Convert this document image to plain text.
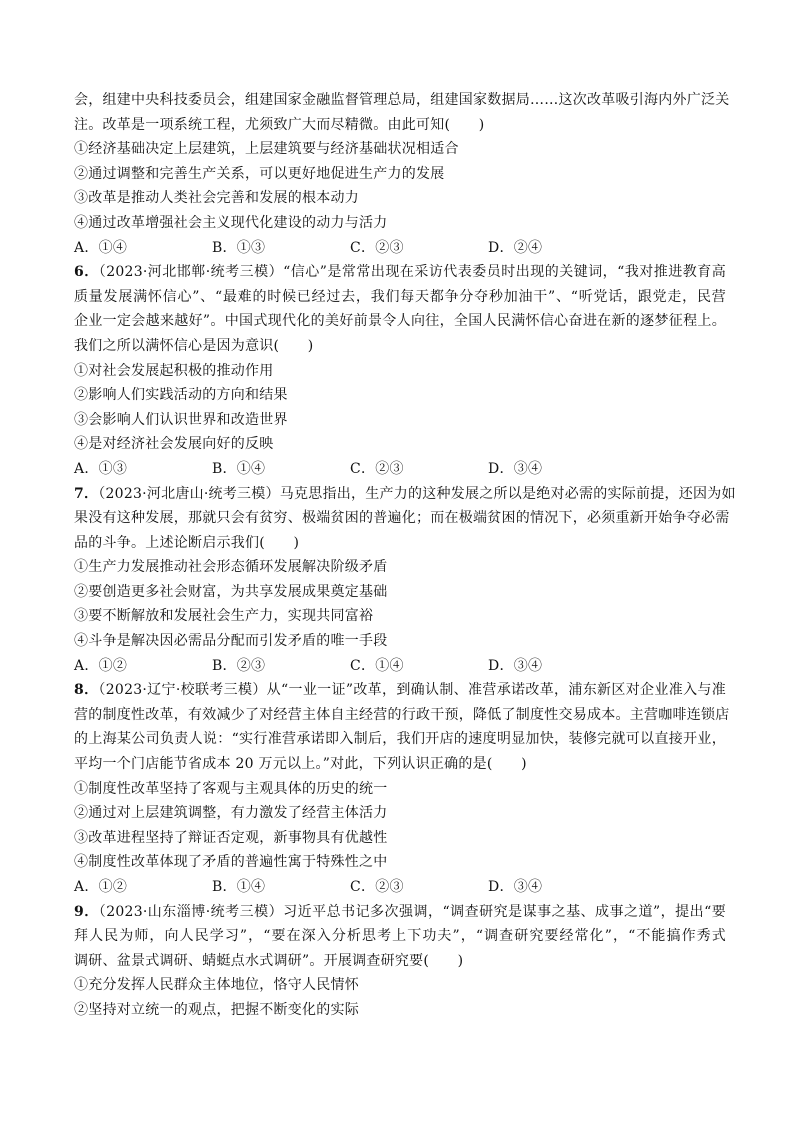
会，组建中央科技委员会，组建国家金融监督管理总局，组建国家数据局……这次改革吸引海内外广泛关
注。改革是一项系统工程，尤须致广大而尽精微。由此可知(　　)
①经济基础决定上层建筑，上层建筑要与经济基础状况相适合
②通过调整和完善生产关系，可以更好地促进生产力的发展
③改革是推动人类社会完善和发展的根本动力
④通过改革增强社会主义现代化建设的动力与活力
A．①④	B．①③	C．②③	D．②④
6．（2023·河北邯郸·统考三模）“信心”是常常出现在采访代表委员时出现的关键词，“我对推进教育高
质量发展满怀信心”、“最难的时候已经过去，我们每天都争分夺秒加油干”、“听党话，跟党走，民营
企业一定会越来越好”。中国式现代化的美好前景令人向往，全国人民满怀信心奋进在新的逐梦征程上。
我们之所以满怀信心是因为意识(　　)
①对社会发展起积极的推动作用
②影响人们实践活动的方向和结果
③会影响人们认识世界和改造世界
④是对经济社会发展向好的反映
A．①③	B．①④	C．②③	D．③④
7．（2023·河北唐山·统考三模）马克思指出，生产力的这种发展之所以是绝对必需的实际前提，还因为如
果没有这种发展，那就只会有贫穷、极端贫困的普遍化；而在极端贫困的情况下，必须重新开始争夺必需
品的斗争。上述论断启示我们(　　)
①生产力发展推动社会形态循环发展解决阶级矛盾
②要创造更多社会财富，为共享发展成果奠定基础
③要不断解放和发展社会生产力，实现共同富裕
④斗争是解决因必需品分配而引发矛盾的唯一手段
A．①②	B．②③	C．①④	D．③④
8．（2023·辽宁·校联考三模）从“一业一证”改革，到确认制、准营承诺改革，浦东新区对企业准入与准
营的制度性改革，有效减少了对经营主体自主经营的行政干预，降低了制度性交易成本。主营咖啡连锁店
的上海某公司负责人说：“实行准营承诺即入制后，我们开店的速度明显加快，装修完就可以直接开业，
平均一个门店能节省成本 20 万元以上。”对此，下列认识正确的是(　　)
①制度性改革坚持了客观与主观具体的历史的统一
②通过对上层建筑调整，有力激发了经营主体活力
③改革进程坚持了辩证否定观，新事物具有优越性
④制度性改革体现了矛盾的普遍性寓于特殊性之中
A．①②	B．①④	C．②③	D．③④
9．（2023·山东淄博·统考三模）习近平总书记多次强调，“调查研究是谋事之基、成事之道”，提出“要
拜人民为师，向人民学习”，“要在深入分析思考上下功夫”，“调查研究要经常化”，“不能搞作秀式
调研、盆景式调研、蜻蜓点水式调研”。开展调查研究要(　　)
①充分发挥人民群众主体地位，恪守人民情怀
②坚持对立统一的观点，把握不断变化的实际
